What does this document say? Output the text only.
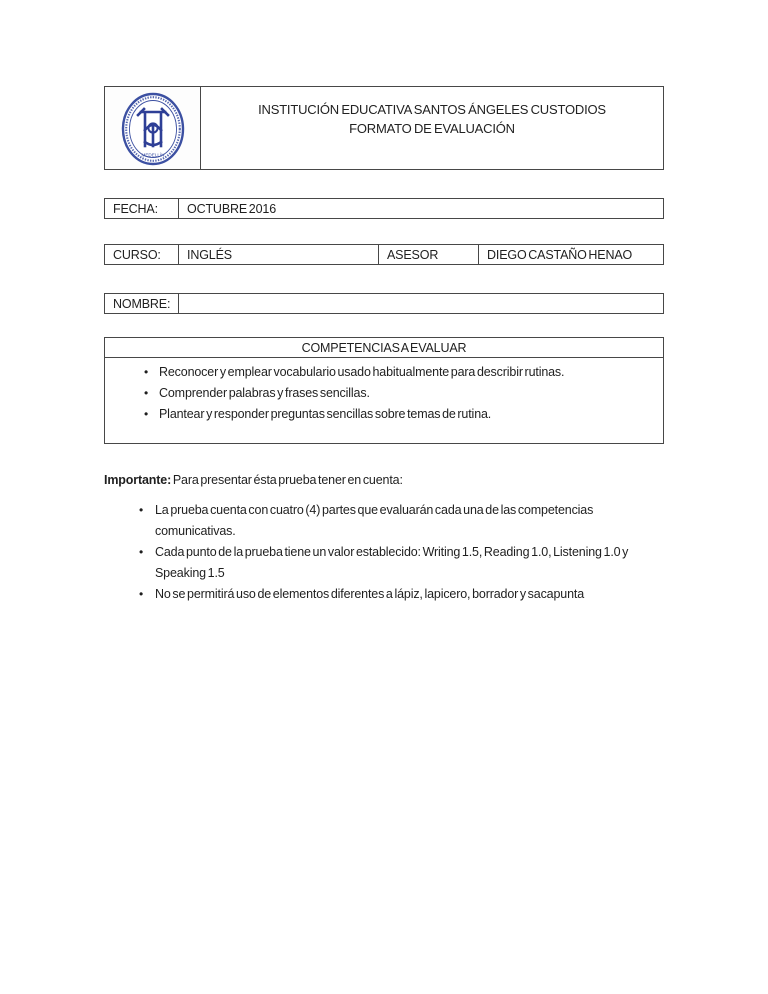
MEDELLÍN
INSTITUCIÓN EDUCATIVA SANTOS ÁNGELES CUSTODIOS
FORMATO DE EVALUACIÓN
FECHA:	OCTUBRE 2016
CURSO:	INGLÉS	ASESOR	DIEGO CASTAÑO HENAO
NOMBRE:
COMPETENCIAS A EVALUAR
•
Reconocer y emplear vocabulario usado habitualmente para describir rutinas.
•
Comprender palabras y frases sencillas.
•
Plantear y responder preguntas sencillas sobre temas de rutina.
Importante: Para presentar ésta prueba tener en cuenta:
•
La prueba cuenta con cuatro (4) partes que evaluarán cada una de las competencias comunicativas.
•
Cada punto de la prueba tiene un valor establecido: Writing 1.5, Reading 1.0, Listening 1.0 y Speaking 1.5
•
No se permitirá uso de elementos diferentes a lápiz, lapicero, borrador y sacapunta
